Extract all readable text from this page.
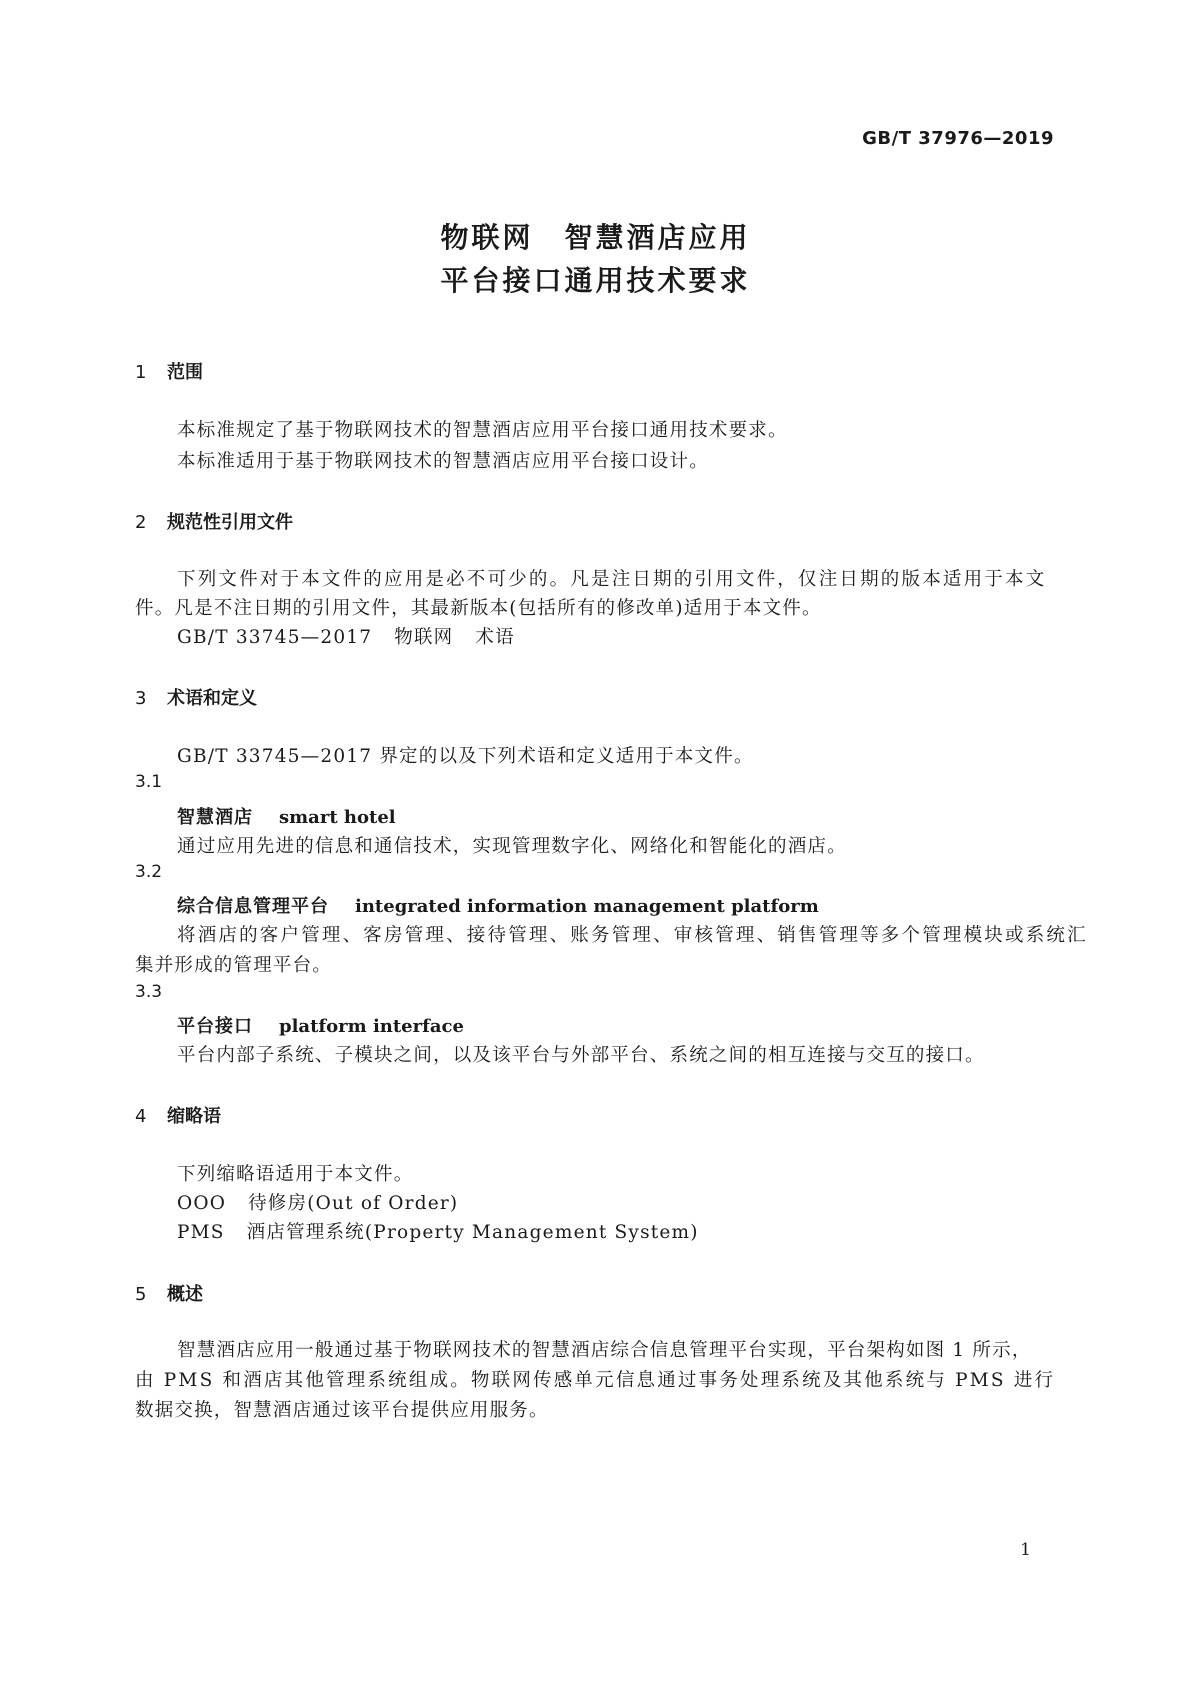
GB/T 37976—2019
物联网　智慧酒店应用
平台接口通用技术要求
1 范围
本标准规定了基于物联网技术的智慧酒店应用平台接口通用技术要求。
本标准适用于基于物联网技术的智慧酒店应用平台接口设计。
2 规范性引用文件
下列文件对于本文件的应用是必不可少的。凡是注日期的引用文件，仅注日期的版本适用于本文
件。凡是不注日期的引用文件，其最新版本(包括所有的修改单)适用于本文件。
GB/T 33745—2017 物联网 术语
3 术语和定义
GB/T 33745—2017 界定的以及下列术语和定义适用于本文件。
3.1
智慧酒店 smart hotel
通过应用先进的信息和通信技术，实现管理数字化、网络化和智能化的酒店。
3.2
综合信息管理平台 integrated information management platform
将酒店的客户管理、客房管理、接待管理、账务管理、审核管理、销售管理等多个管理模块或系统汇
集并形成的管理平台。
3.3
平台接口 platform interface
平台内部子系统、子模块之间，以及该平台与外部平台、系统之间的相互连接与交互的接口。
4 缩略语
下列缩略语适用于本文件。
OOO 待修房(Out of Order)
PMS 酒店管理系统(Property Management System)
5 概述
智慧酒店应用一般通过基于物联网技术的智慧酒店综合信息管理平台实现，平台架构如图 1 所示，
由 PMS 和酒店其他管理系统组成。物联网传感单元信息通过事务处理系统及其他系统与 PMS 进行
数据交换，智慧酒店通过该平台提供应用服务。
1
